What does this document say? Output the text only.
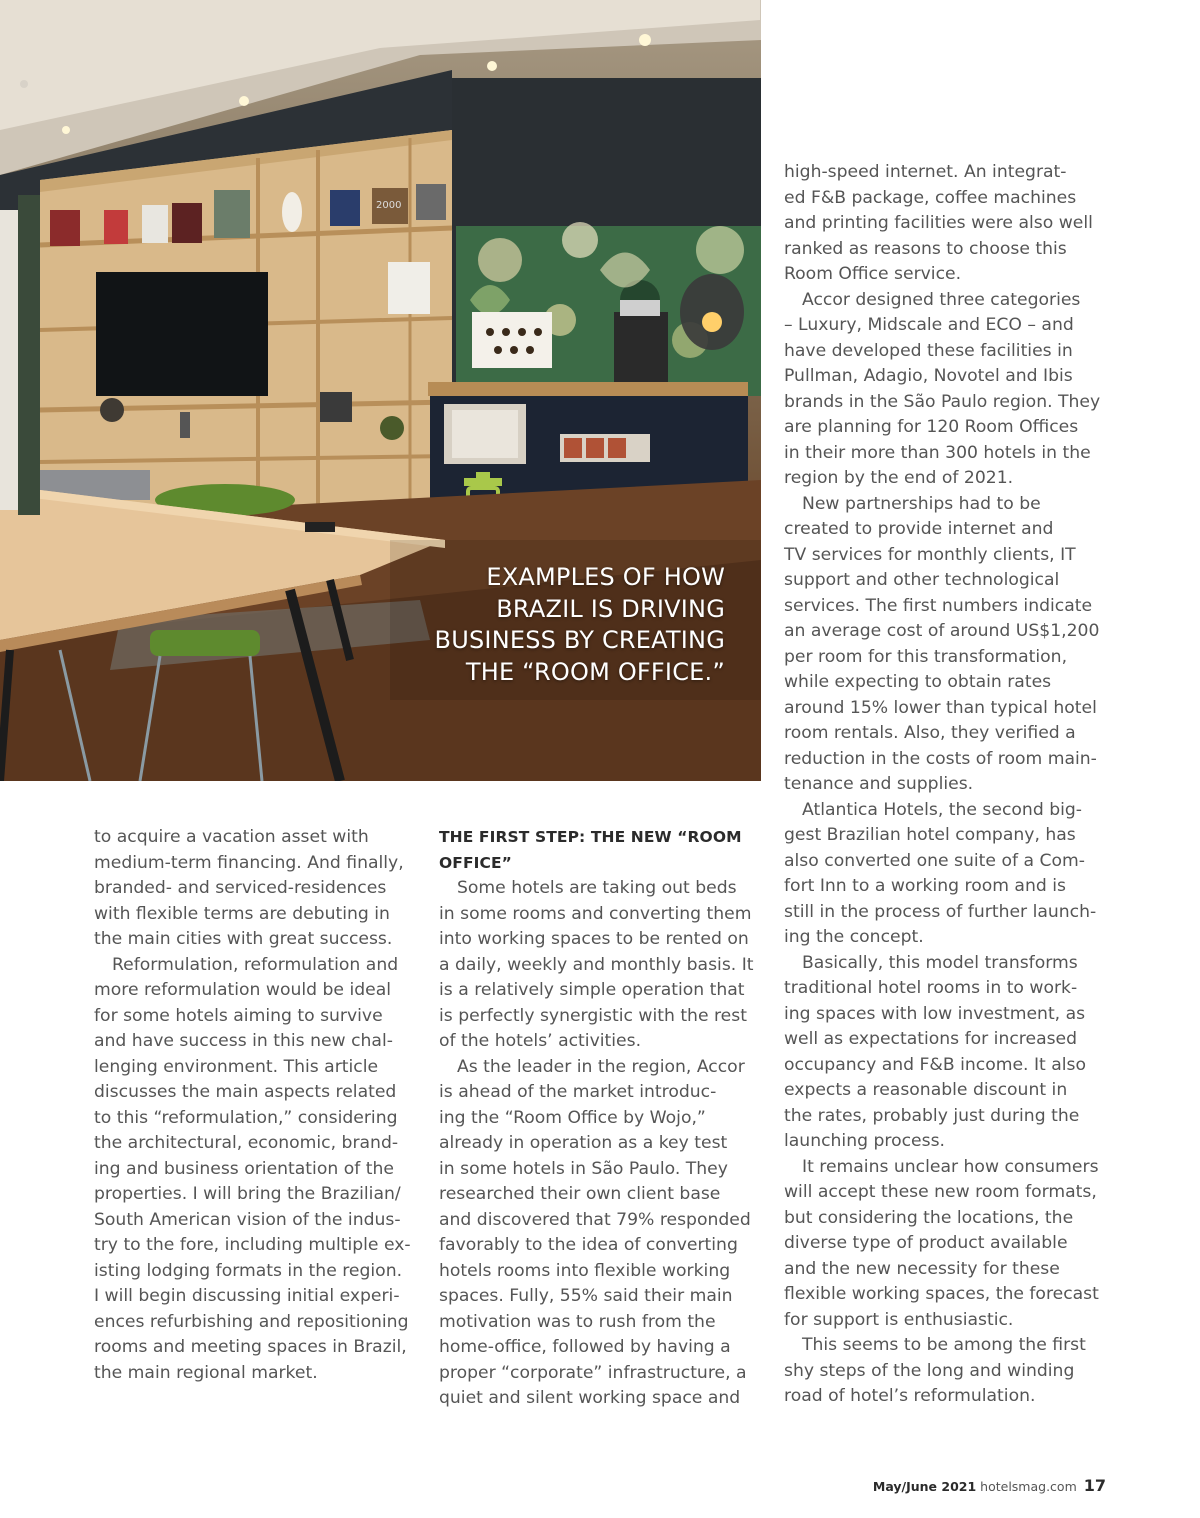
2000
EXAMPLES OF HOW
BRAZIL IS DRIVING
BUSINESS BY CREATING
THE “ROOM OFFICE.”
to acquire a vacation asset with
medium-term financing. And finally,
branded- and serviced-residences
with flexible terms are debuting in
the main cities with great success.
Reformulation, reformulation and
more reformulation would be ideal
for some hotels aiming to survive
and have success in this new chal-
lenging environment. This article
discusses the main aspects related
to this “reformulation,” considering
the architectural, economic, brand-
ing and business orientation of the
properties. I will bring the Brazilian/
South American vision of the indus-
try to the fore, including multiple ex-
isting lodging formats in the region.
I will begin discussing initial experi-
ences refurbishing and repositioning
rooms and meeting spaces in Brazil,
the main regional market.
THE FIRST STEP: THE NEW “ROOM
OFFICE”
Some hotels are taking out beds
in some rooms and converting them
into working spaces to be rented on
a daily, weekly and monthly basis. It
is a relatively simple operation that
is perfectly synergistic with the rest
of the hotels’ activities.
As the leader in the region, Accor
is ahead of the market introduc-
ing the “Room Office by Wojo,”
already in operation as a key test
in some hotels in São Paulo. They
researched their own client base
and discovered that 79% responded
favorably to the idea of converting
hotels rooms into flexible working
spaces. Fully, 55% said their main
motivation was to rush from the
home-office, followed by having a
proper “corporate” infrastructure, a
quiet and silent working space and
high-speed internet. An integrat-
ed F&B package, coffee machines
and printing facilities were also well
ranked as reasons to choose this
Room Office service.
Accor designed three categories
– Luxury, Midscale and ECO – and
have developed these facilities in
Pullman, Adagio, Novotel and Ibis
brands in the São Paulo region. They
are planning for 120 Room Offices
in their more than 300 hotels in the
region by the end of 2021.
New partnerships had to be
created to provide internet and
TV services for monthly clients, IT
support and other technological
services. The first numbers indicate
an average cost of around US$1,200
per room for this transformation,
while expecting to obtain rates
around 15% lower than typical hotel
room rentals. Also, they verified a
reduction in the costs of room main-
tenance and supplies.
Atlantica Hotels, the second big-
gest Brazilian hotel company, has
also converted one suite of a Com-
fort Inn to a working room and is
still in the process of further launch-
ing the concept.
Basically, this model transforms
traditional hotel rooms in to work-
ing spaces with low investment, as
well as expectations for increased
occupancy and F&B income. It also
expects a reasonable discount in
the rates, probably just during the
launching process.
It remains unclear how consumers
will accept these new room formats,
but considering the locations, the
diverse type of product available
and the new necessity for these
flexible working spaces, the forecast
for support is enthusiastic.
This seems to be among the first
shy steps of the long and winding
road of hotel’s reformulation.
May/June 2021 hotelsmag.com 17
